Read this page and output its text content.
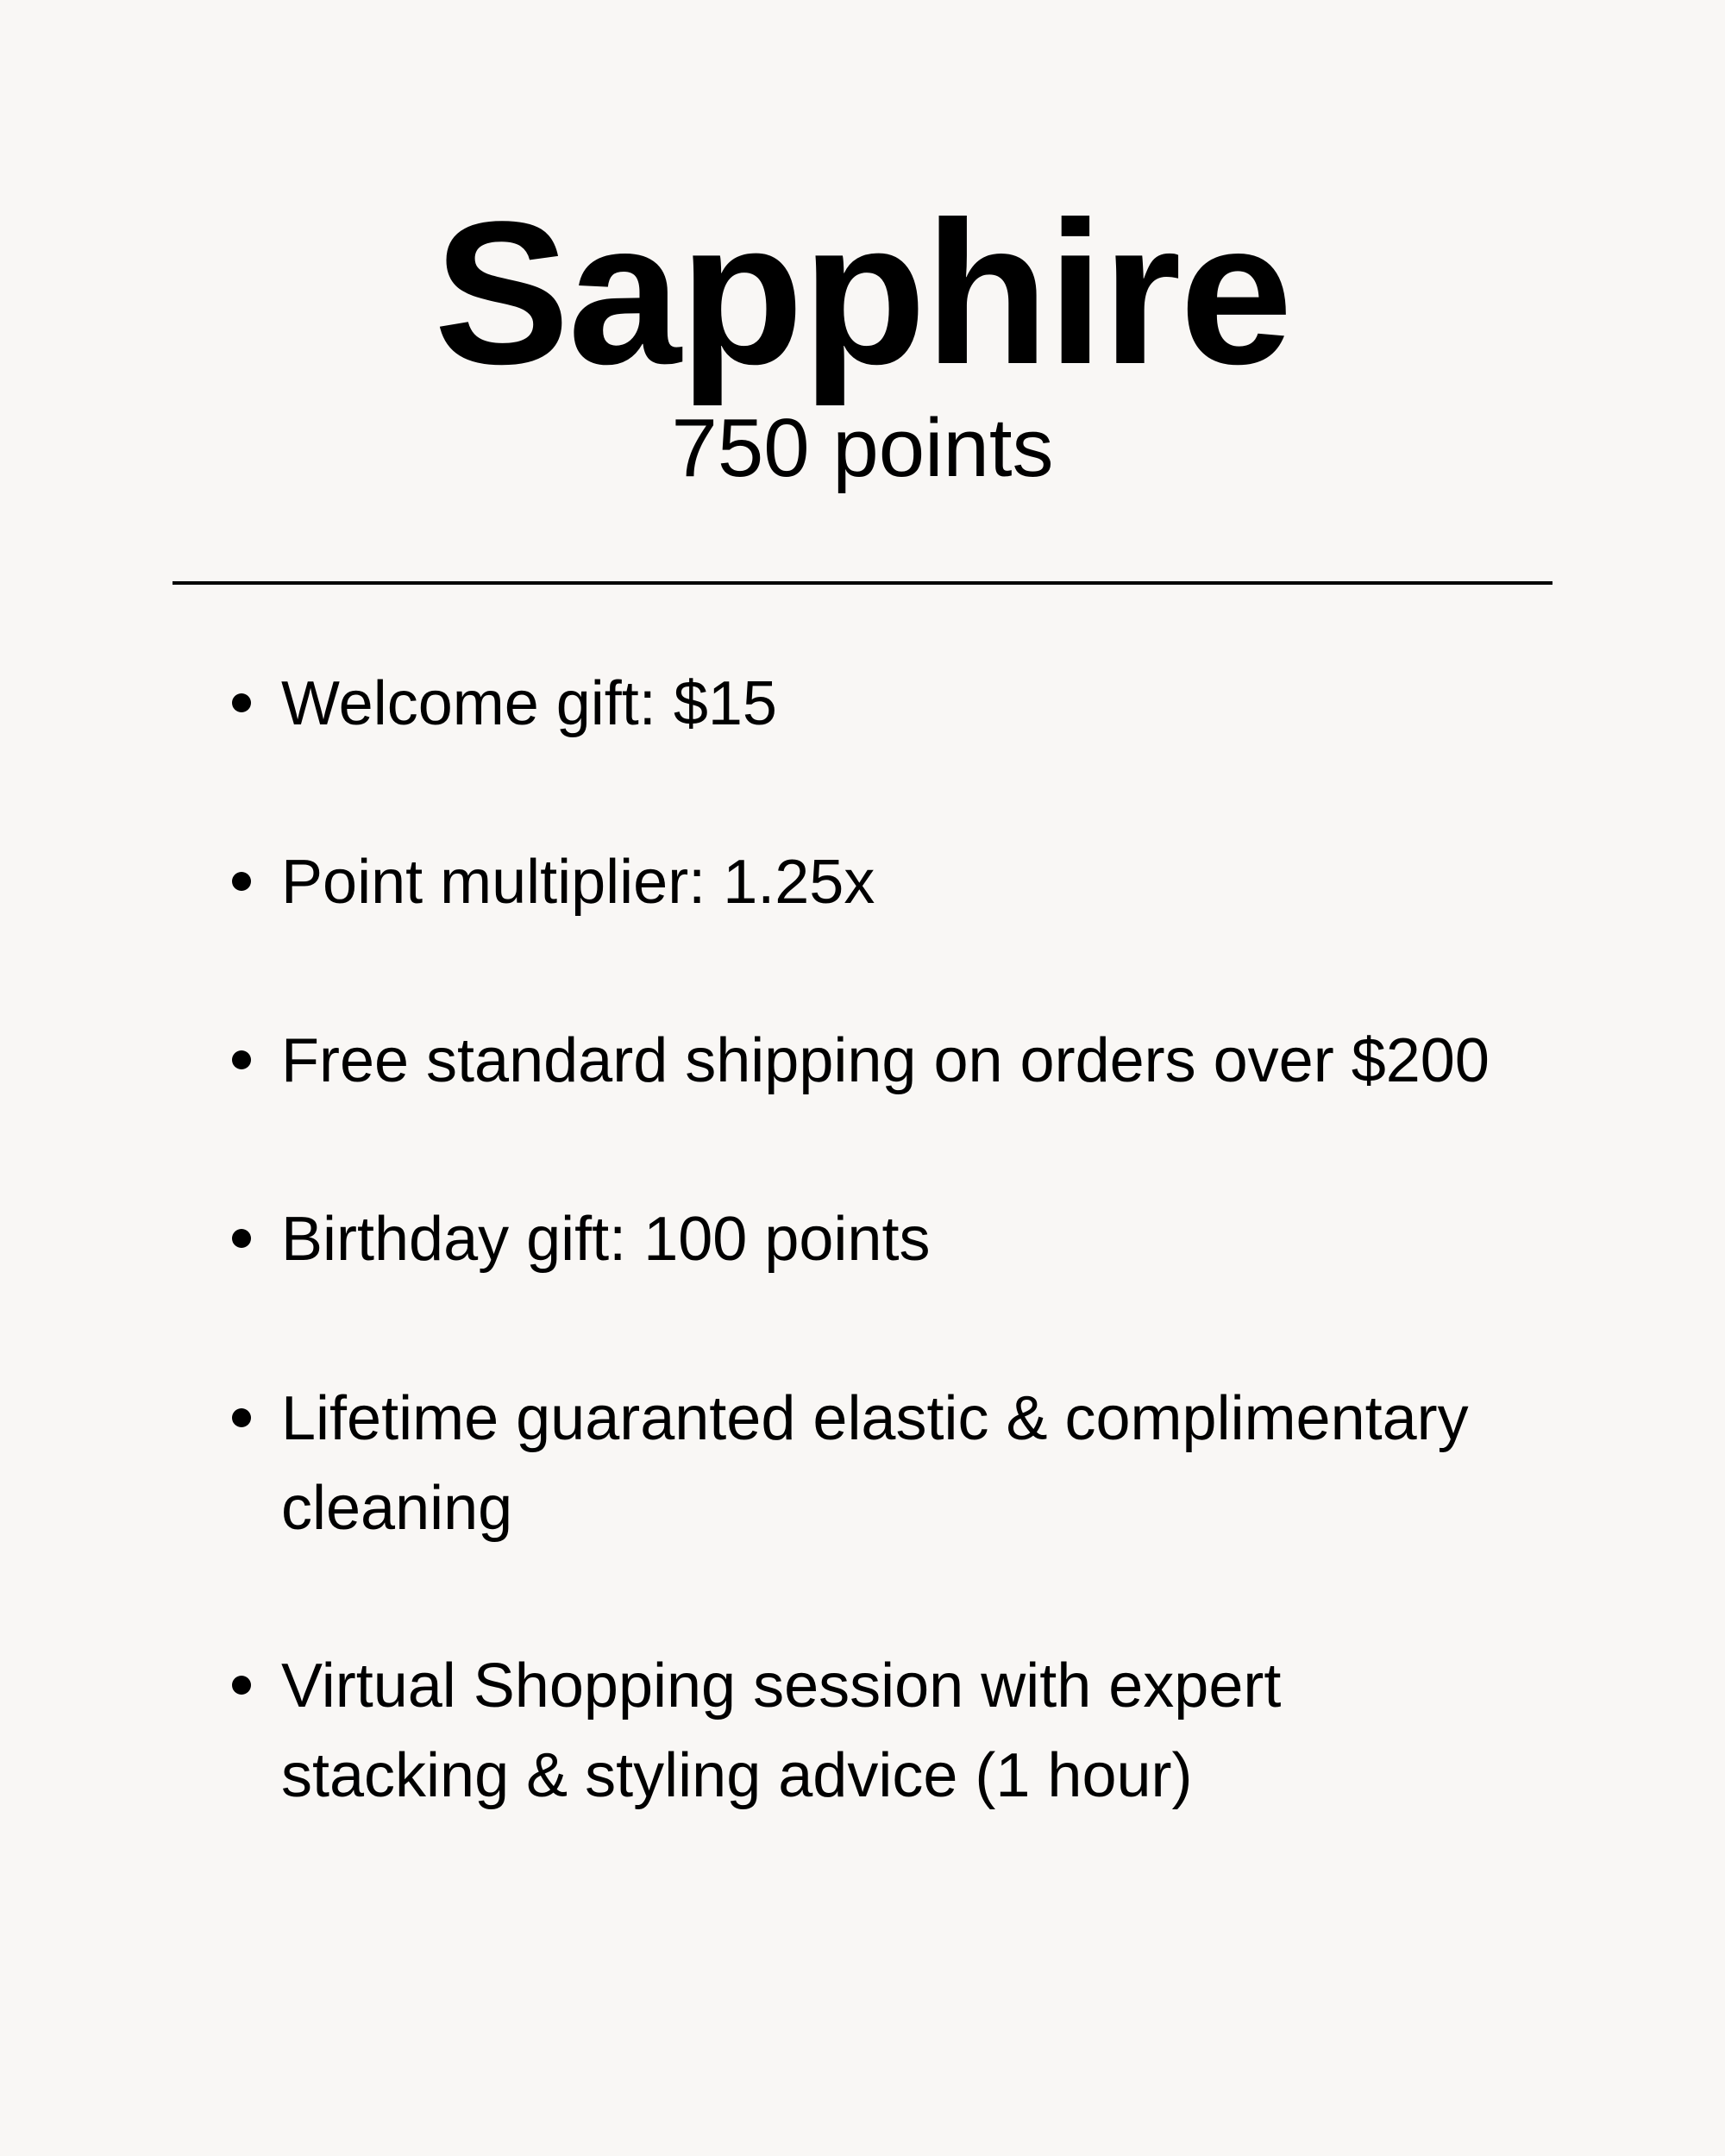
Sapphire
750 points
Welcome gift: $15
Point multiplier: 1.25x
Free standard shipping on orders over $200
Birthday gift: 100 points
Lifetime guaranted elastic & complimentary cleaning
Virtual Shopping session with expert stacking & styling advice (1 hour)
